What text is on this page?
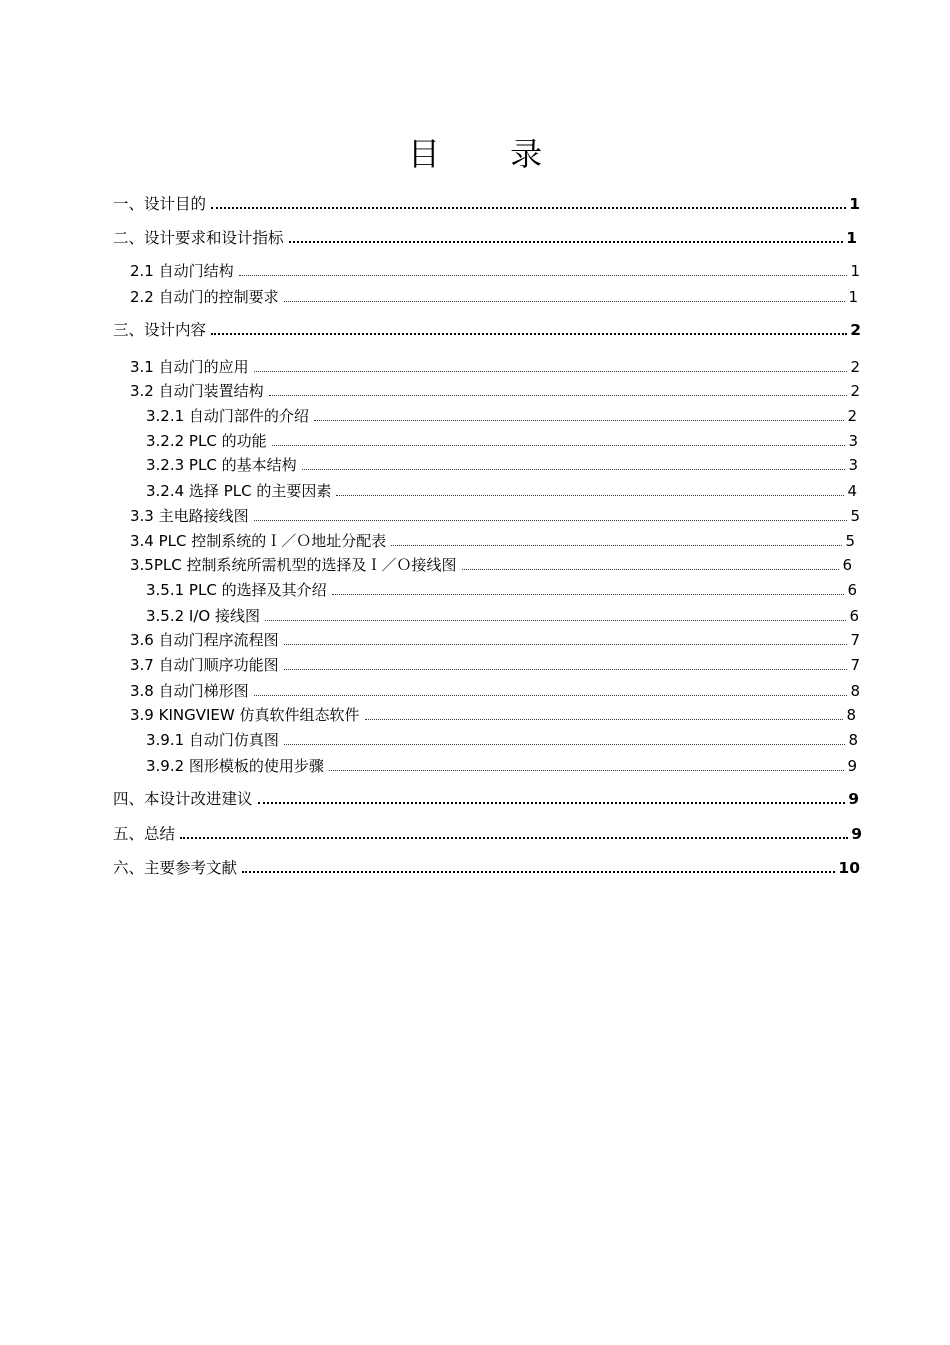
目 录
一、设计目的	1
二、设计要求和设计指标	1
2.1 自动门结构	1
2.2 自动门的控制要求	1
三、设计内容	2
3.1 自动门的应用	2
3.2 自动门装置结构	2
3.2.1 自动门部件的介绍	2
3.2.2 PLC 的功能	3
3.2.3 PLC 的基本结构	3
3.2.4 选择 PLC 的主要因素	4
3.3 主电路接线图	5
3.4 PLC 控制系统的Ｉ／Ｏ地址分配表	5
3.5PLC 控制系统所需机型的选择及Ｉ／Ｏ接线图	6
3.5.1 PLC 的选择及其介绍	6
3.5.2 I/O 接线图	6
3.6 自动门程序流程图	7
3.7 自动门顺序功能图	7
3.8 自动门梯形图	8
3.9 KINGVIEW 仿真软件组态软件	8
3.9.1 自动门仿真图	8
3.9.2 图形模板的使用步骤	9
四、本设计改进建议	9
五、总结	9
六、主要参考文献	10
